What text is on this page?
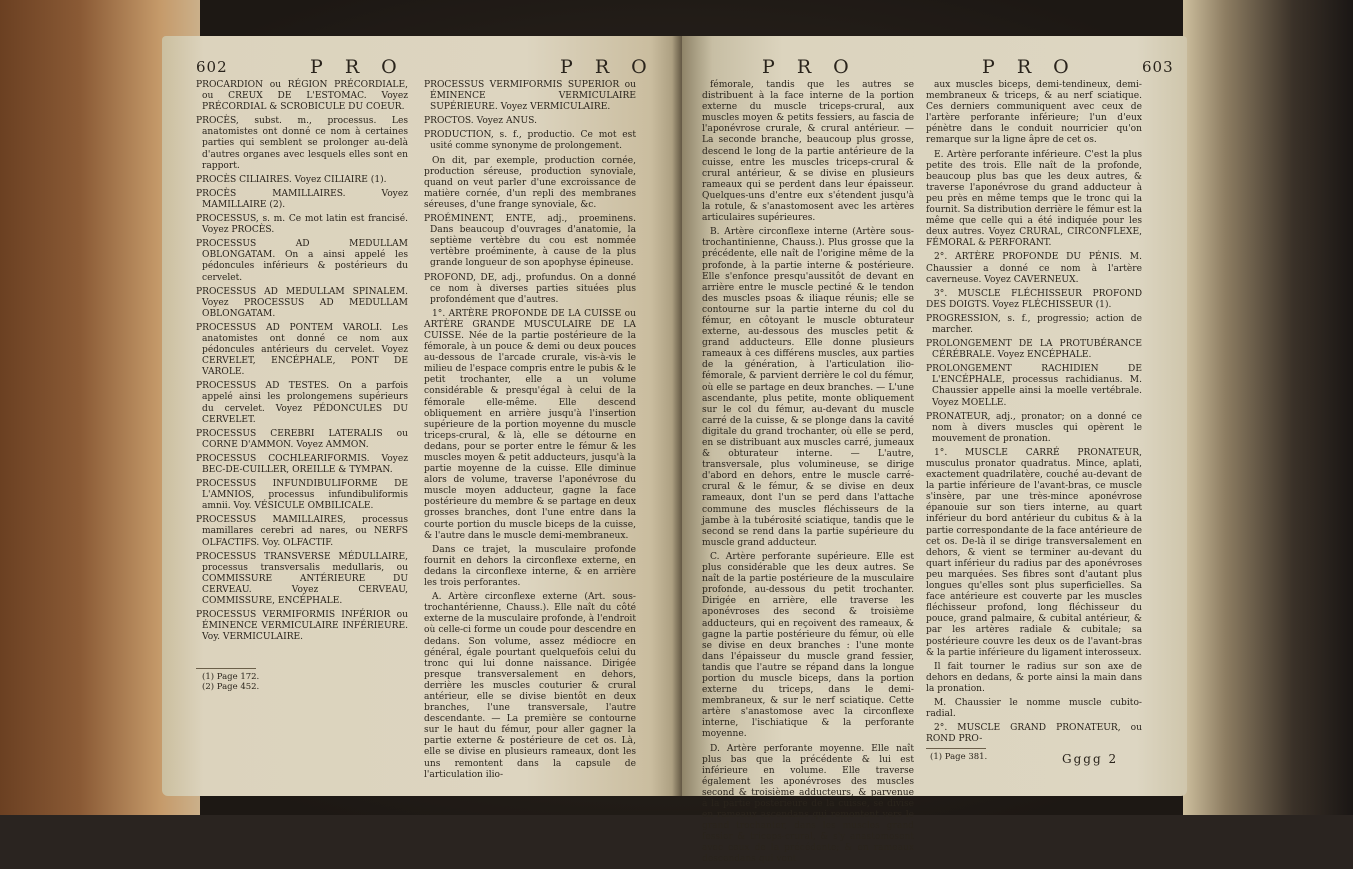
602	P R O	P R O

PROCARDION ou RÉGION PRÉCORDIALE, ou CREUX DE L'ESTOMAC. Voyez PRÉCORDIAL & SCROBICULE DU COEUR.

PROCÈS, subst. m., processus. Les anatomistes ont donné ce nom à certaines parties qui semblent se prolonger au-delà d'autres organes avec lesquels elles sont en rapport.

PROCÈS CILIAIRES. Voyez CILIAIRE (1).

PROCÈS MAMILLAIRES. Voyez MAMILLAIRE (2).

PROCESSUS, s. m. Ce mot latin est francisé. Voyez PROCÈS.

PROCESSUS AD MEDULLAM OBLONGATAM. On a ainsi appelé les pédoncules inférieurs & postérieurs du cervelet.

PROCESSUS AD MEDULLAM SPINALEM. Voyez PROCESSUS AD MEDULLAM OBLONGATAM.

PROCESSUS AD PONTEM VAROLI. Les anatomistes ont donné ce nom aux pédoncules antérieurs du cervelet. Voyez CERVELET, ENCÉPHALE, PONT DE VAROLE.

PROCESSUS AD TESTES. On a parfois appelé ainsi les prolongemens supérieurs du cervelet. Voyez PÉDONCULES DU CERVELET.

PROCESSUS CEREBRI LATERALIS ou CORNE D'AMMON. Voyez AMMON.

PROCESSUS COCHLEARIFORMIS. Voyez BEC-DE-CUILLER, OREILLE & TYMPAN.

PROCESSUS INFUNDIBULIFORME DE L'AMNIOS, processus infundibuliformis amnii. Voy. VÉSICULE OMBILICALE.

PROCESSUS MAMILLAIRES, processus mamillares cerebri ad nares, ou NERFS OLFACTIFS. Voy. OLFACTIF.

PROCESSUS TRANSVERSE MÉDULLAIRE, processus transversalis medullaris, ou COMMISSURE ANTÉRIEURE DU CERVEAU. Voyez CERVEAU, COMMISSURE, ENCÉPHALE.

PROCESSUS VERMIFORMIS INFÉRIOR ou ÉMINENCE VERMICULAIRE INFÉRIEURE. Voy. VERMICULAIRE.

(1) Page 172.
(2) Page 452.

PROCESSUS VERMIFORMIS SUPERIOR ou ÉMINENCE VERMICULAIRE SUPÉRIEURE. Voyez VERMICULAIRE.

PROCTOS. Voyez ANUS.

PRODUCTION, s. f., productio. Ce mot est usité comme synonyme de prolongement.

On dit, par exemple, production cornée, production séreuse, production synoviale, quand on veut parler d'une excroissance de matière cornée, d'un repli des membranes séreuses, d'une frange synoviale, &c.

PROÉMINENT, ENTE, adj., proeminens. Dans beaucoup d'ouvrages d'anatomie, la septième vertèbre du cou est nommée vertèbre proéminente, à cause de la plus grande longueur de son apophyse épineuse.

PROFOND, DE, adj., profundus. On a donné ce nom à diverses parties situées plus profondément que d'autres.

1°. ARTÈRE PROFONDE DE LA CUISSE ou ARTÈRE GRANDE MUSCULAIRE DE LA CUISSE. Née de la partie postérieure de la fémorale, à un pouce & demi ou deux pouces au-dessous de l'arcade crurale, vis-à-vis le milieu de l'espace compris entre le pubis & le petit trochanter, elle a un volume considérable & presqu'égal à celui de la fémorale elle-même. Elle descend obliquement en arrière jusqu'à l'insertion supérieure de la portion moyenne du muscle triceps-crural, & là, elle se détourne en dedans, pour se porter entre le fémur & les muscles moyen & petit adducteurs, jusqu'à la partie moyenne de la cuisse. Elle diminue alors de volume, traverse l'aponévrose du muscle moyen adducteur, gagne la face postérieure du membre & se partage en deux grosses branches, dont l'une entre dans la courte portion du muscle biceps de la cuisse, & l'autre dans le muscle demi-membraneux.

Dans ce trajet, la musculaire profonde fournit en dehors la circonflexe externe, en dedans la circonflexe interne, & en arrière les trois perforantes.

A. Artère circonflexe externe (Art. sous-trochantérienne, Chauss.). Elle naît du côté externe de la musculaire profonde, à l'endroit où celle-ci forme un coude pour descendre en dedans. Son volume, assez médiocre en général, égale pourtant quelquefois celui du tronc qui lui donne naissance. Dirigée presque transversalement en dehors, derrière les muscles couturier & crural antérieur, elle se divise bientôt en deux branches, l'une transversale, l'autre descendante. — La première se contourne sur le haut du fémur, pour aller gagner la partie externe & postérieure de cet os. Là, elle se divise en plusieurs rameaux, dont les uns remontent dans la capsule de l'articulation ilio-

P R O	P R O	603

fémorale, tandis que les autres se distribuent à la face interne de la portion externe du muscle triceps-crural, aux muscles moyen & petits fessiers, au fascia de l'aponévrose crurale, & crural antérieur. — La seconde branche, beaucoup plus grosse, descend le long de la partie antérieure de la cuisse, entre les muscles triceps-crural & crural antérieur, & se divise en plusieurs rameaux qui se perdent dans leur épaisseur. Quelques-uns d'entre eux s'étendent jusqu'à la rotule, & s'anastomosent avec les artères articulaires supérieures.

B. Artère circonflexe interne (Artère sous-trochantinienne, Chauss.). Plus grosse que la précédente, elle naît de l'origine même de la profonde, à la partie interne & postérieure. Elle s'enfonce presqu'aussitôt de devant en arrière entre le muscle pectiné & le tendon des muscles psoas & iliaque réunis; elle se contourne sur la partie interne du col du fémur, en côtoyant le muscle obturateur externe, au-dessous des muscles petit & grand adducteurs. Elle donne plusieurs rameaux à ces différens muscles, aux parties de la génération, à l'articulation ilio-fémorale, & parvient derrière le col du fémur, où elle se partage en deux branches. — L'une ascendante, plus petite, monte obliquement sur le col du fémur, au-devant du muscle carré de la cuisse, & se plonge dans la cavité digitale du grand trochanter, où elle se perd, en se distribuant aux muscles carré, jumeaux & obturateur interne. — L'autre, transversale, plus volumineuse, se dirige d'abord en dehors, entre le muscle carré-crural & le fémur, & se divise en deux rameaux, dont l'un se perd dans l'attache commune des muscles fléchisseurs de la jambe à la tubérosité sciatique, tandis que le second se rend dans la partie supérieure du muscle grand adducteur.

C. Artère perforante supérieure. Elle est plus considérable que les deux autres. Se naît de la partie postérieure de la musculaire profonde, au-dessous du petit trochanter. Dirigée en arrière, elle traverse les aponévroses des second & troisième adducteurs, qui en reçoivent des rameaux, & gagne la partie postérieure du fémur, où elle se divise en deux branches : l'une monte dans l'épaisseur du muscle grand fessier, tandis que l'autre se répand dans la longue portion du muscle biceps, dans la portion externe du triceps, dans le demi-membraneux, & sur le nerf sciatique. Cette artère s'anastomose avec la circonflexe interne, l'ischiatique & la perforante moyenne.

D. Artère perforante moyenne. Elle naît plus bas que la précédente & lui est inférieure en volume. Elle traverse également les aponévroses des muscles second & troisième adducteurs, & parvenue à la partie postérieure de la cuisse, se divise en rameaux ascendans qui remontent vers le grand trochanter, dans les muscles grand fessier & triceps-crural, & s'y anastomosent avec ceux de la précédente; & en rameaux descendans qui vont

aux muscles biceps, demi-tendineux, demi-membraneux & triceps, & au nerf sciatique. Ces derniers communiquent avec ceux de l'artère perforante inférieure; l'un d'eux pénètre dans le conduit nourricier qu'on remarque sur la ligne âpre de cet os.

E. Artère perforante inférieure. C'est la plus petite des trois. Elle naît de la profonde, beaucoup plus bas que les deux autres, & traverse l'aponévrose du grand adducteur à peu près en même temps que le tronc qui la fournit. Sa distribution derrière le fémur est la même que celle qui a été indiquée pour les deux autres. Voyez CRURAL, CIRCONFLEXE, FÉMORAL & PERFORANT.

2°. ARTÈRE PROFONDE DU PÉNIS. M. Chaussier a donné ce nom à l'artère caverneuse. Voyez CAVERNEUX.

3°. MUSCLE FLÉCHISSEUR PROFOND DES DOIGTS. Voyez FLÉCHISSEUR (1).

PROGRESSION, s. f., progressio; action de marcher.

PROLONGEMENT DE LA PROTUBÉRANCE CÉRÉBRALE. Voyez ENCÉPHALE.

PROLONGEMENT RACHIDIEN DE L'ENCÉPHALE, processus rachidianus. M. Chaussier appelle ainsi la moelle vertébrale. Voyez MOELLE.

PRONATEUR, adj., pronator; on a donné ce nom à divers muscles qui opèrent le mouvement de pronation.

1°. MUSCLE CARRÉ PRONATEUR, musculus pronator quadratus. Mince, aplati, exactement quadrilatère, couché au-devant de la partie inférieure de l'avant-bras, ce muscle s'insère, par une très-mince aponévrose épanouie sur son tiers interne, au quart inférieur du bord antérieur du cubitus & à la partie correspondante de la face antérieure de cet os. De-là il se dirige transversalement en dehors, & vient se terminer au-devant du quart inférieur du radius par des aponévroses peu marquées. Ses fibres sont d'autant plus longues qu'elles sont plus superficielles. Sa face antérieure est couverte par les muscles fléchisseur profond, long fléchisseur du pouce, grand palmaire, & cubital antérieur, & par les artères radiale & cubitale; sa postérieure couvre les deux os de l'avant-bras & la partie inférieure du ligament interosseux.

Il fait tourner le radius sur son axe de dehors en dedans, & porte ainsi la main dans la pronation.

M. Chaussier le nomme muscle cubito-radial.

2°. MUSCLE GRAND PRONATEUR, ou ROND PRO-

(1) Page 381.	Gggg 2
